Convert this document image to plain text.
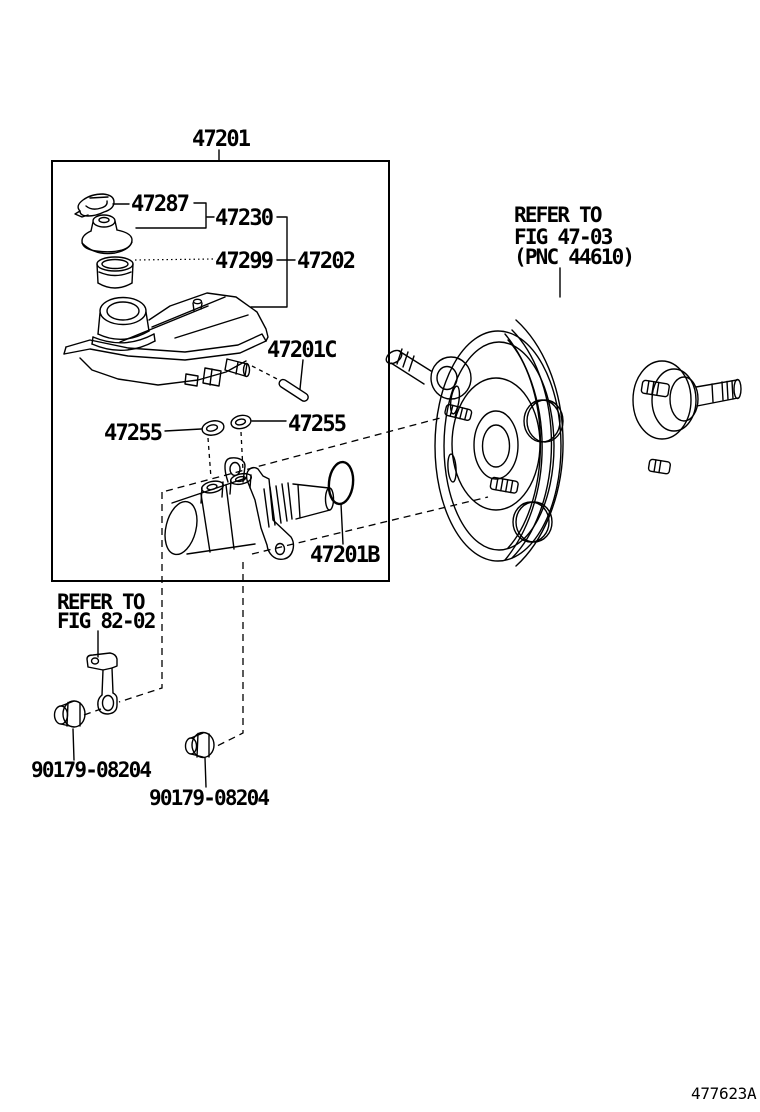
47201
47287
47230
47299 47202
47201C
47255	47255
47201B
REFER TO
FIG 47-03
(PNC 44610)
REFER TO
FIG 82-02
90179-08204
90179-08204
477623A
